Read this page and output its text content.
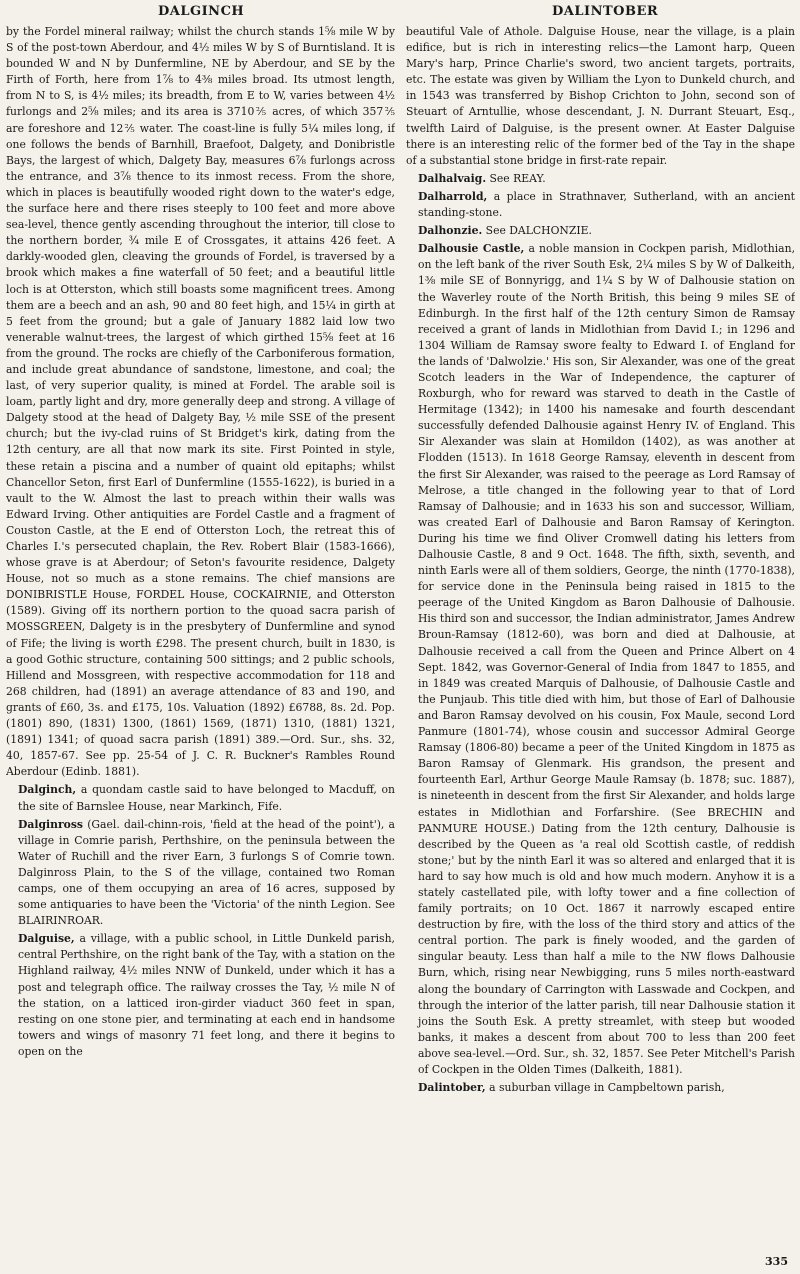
DALGINCH	DALINTOBER

by the Fordel mineral railway; whilst the church stands 1⅝ mile W by S of the post-town Aberdour, and 4½ miles W by S of Burntisland. It is bounded W and N by Dunfermline, NE by Aberdour, and SE by the Firth of Forth, here from 1⅞ to 4⅜ miles broad. Its utmost length, from N to S, is 4½ miles; its breadth, from E to W, varies between 4½ furlongs and 2⅝ miles; and its area is 3710⅖ acres, of which 357⅖ are foreshore and 12⅖ water. The coast-line is fully 5¼ miles long, if one follows the bends of Barnhill, Braefoot, Dalgety, and Donibristle Bays, the largest of which, Dalgety Bay, measures 6⅞ furlongs across the entrance, and 3⅞ thence to its inmost recess. From the shore, which in places is beautifully wooded right down to the water's edge, the surface here and there rises steeply to 100 feet and more above sea-level, thence gently ascending throughout the interior, till close to the northern border, ¾ mile E of Crossgates, it attains 426 feet. A darkly-wooded glen, cleaving the grounds of Fordel, is traversed by a brook which makes a fine waterfall of 50 feet; and a beautiful little loch is at Otterston, which still boasts some magnificent trees. Among them are a beech and an ash, 90 and 80 feet high, and 15¼ in girth at 5 feet from the ground; but a gale of January 1882 laid low two venerable walnut-trees, the largest of which girthed 15⅝ feet at 16 from the ground. The rocks are chiefly of the Carboniferous formation, and include great abundance of sandstone, limestone, and coal; the last, of very superior quality, is mined at Fordel. The arable soil is loam, partly light and dry, more generally deep and strong. A village of Dalgety stood at the head of Dalgety Bay, ½ mile SSE of the present church; but the ivy-clad ruins of St Bridget's kirk, dating from the 12th century, are all that now mark its site. First Pointed in style, these retain a piscina and a number of quaint old epitaphs; whilst Chancellor Seton, first Earl of Dunfermline (1555-1622), is buried in a vault to the W. Almost the last to preach within their walls was Edward Irving. Other antiquities are Fordel Castle and a fragment of Couston Castle, at the E end of Otterston Loch, the retreat this of Charles I.'s persecuted chaplain, the Rev. Robert Blair (1583-1666), whose grave is at Aberdour; of Seton's favourite residence, Dalgety House, not so much as a stone remains. The chief mansions are DONIBRISTLE House, FORDEL House, COCKAIRNIE, and Otterston (1589). Giving off its northern portion to the quoad sacra parish of MOSSGREEN, Dalgety is in the presbytery of Dunfermline and synod of Fife; the living is worth £298. The present church, built in 1830, is a good Gothic structure, containing 500 sittings; and 2 public schools, Hillend and Mossgreen, with respective accommodation for 118 and 268 children, had (1891) an average attendance of 83 and 190, and grants of £60, 3s. and £175, 10s. Valuation (1892) £6788, 8s. 2d. Pop. (1801) 890, (1831) 1300, (1861) 1569, (1871) 1310, (1881) 1321, (1891) 1341; of quoad sacra parish (1891) 389.—Ord. Sur., shs. 32, 40, 1857-67. See pp. 25-54 of J. C. R. Buckner's Rambles Round Aberdour (Edinb. 1881).

Dalginch, a quondam castle said to have belonged to Macduff, on the site of Barnslee House, near Markinch, Fife.

Dalginross (Gael. dail-chinn-rois, 'field at the head of the point'), a village in Comrie parish, Perthshire, on the peninsula between the Water of Ruchill and the river Earn, 3 furlongs S of Comrie town. Dalginross Plain, to the S of the village, contained two Roman camps, one of them occupying an area of 16 acres, supposed by some antiquaries to have been the 'Victoria' of the ninth Legion. See BLAIRINROAR.

Dalguise, a village, with a public school, in Little Dunkeld parish, central Perthshire, on the right bank of the Tay, with a station on the Highland railway, 4½ miles NNW of Dunkeld, under which it has a post and telegraph office. The railway crosses the Tay, ½ mile N of the station, on a latticed iron-girder viaduct 360 feet in span, resting on one stone pier, and terminating at each end in handsome towers and wings of masonry 71 feet long, and there it begins to open on the

beautiful Vale of Athole. Dalguise House, near the village, is a plain edifice, but is rich in interesting relics—the Lamont harp, Queen Mary's harp, Prince Charlie's sword, two ancient targets, portraits, etc. The estate was given by William the Lyon to Dunkeld church, and in 1543 was transferred by Bishop Crichton to John, second son of Steuart of Arntullie, whose descendant, J. N. Durrant Steuart, Esq., twelfth Laird of Dalguise, is the present owner. At Easter Dalguise there is an interesting relic of the former bed of the Tay in the shape of a substantial stone bridge in first-rate repair.

Dalhalvaig. See REAY.

Dalharrold, a place in Strathnaver, Sutherland, with an ancient standing-stone.

Dalhonzie. See DALCHONZIE.

Dalhousie Castle, a noble mansion in Cockpen parish, Midlothian, on the left bank of the river South Esk, 2¼ miles S by W of Dalkeith, 1⅜ mile SE of Bonnyrigg, and 1¼ S by W of Dalhousie station on the Waverley route of the North British, this being 9 miles SE of Edinburgh. In the first half of the 12th century Simon de Ramsay received a grant of lands in Midlothian from David I.; in 1296 and 1304 William de Ramsay swore fealty to Edward I. of England for the lands of 'Dalwolzie.' His son, Sir Alexander, was one of the great Scotch leaders in the War of Independence, the capturer of Roxburgh, who for reward was starved to death in the Castle of Hermitage (1342); in 1400 his namesake and fourth descendant successfully defended Dalhousie against Henry IV. of England. This Sir Alexander was slain at Homildon (1402), as was another at Flodden (1513). In 1618 George Ramsay, eleventh in descent from the first Sir Alexander, was raised to the peerage as Lord Ramsay of Melrose, a title changed in the following year to that of Lord Ramsay of Dalhousie; and in 1633 his son and successor, William, was created Earl of Dalhousie and Baron Ramsay of Kerington. During his time we find Oliver Cromwell dating his letters from Dalhousie Castle, 8 and 9 Oct. 1648. The fifth, sixth, seventh, and ninth Earls were all of them soldiers, George, the ninth (1770-1838), for service done in the Peninsula being raised in 1815 to the peerage of the United Kingdom as Baron Dalhousie of Dalhousie. His third son and successor, the Indian administrator, James Andrew Broun-Ramsay (1812-60), was born and died at Dalhousie, at Dalhousie received a call from the Queen and Prince Albert on 4 Sept. 1842, was Governor-General of India from 1847 to 1855, and in 1849 was created Marquis of Dalhousie, of Dalhousie Castle and the Punjaub. This title died with him, but those of Earl of Dalhousie and Baron Ramsay devolved on his cousin, Fox Maule, second Lord Panmure (1801-74), whose cousin and successor Admiral George Ramsay (1806-80) became a peer of the United Kingdom in 1875 as Baron Ramsay of Glenmark. His grandson, the present and fourteenth Earl, Arthur George Maule Ramsay (b. 1878; suc. 1887), is nineteenth in descent from the first Sir Alexander, and holds large estates in Midlothian and Forfarshire. (See BRECHIN and PANMURE HOUSE.) Dating from the 12th century, Dalhousie is described by the Queen as 'a real old Scottish castle, of reddish stone;' but by the ninth Earl it was so altered and enlarged that it is hard to say how much is old and how much modern. Anyhow it is a stately castellated pile, with lofty tower and a fine collection of family portraits; on 10 Oct. 1867 it narrowly escaped entire destruction by fire, with the loss of the third story and attics of the central portion. The park is finely wooded, and the garden of singular beauty. Less than half a mile to the NW flows Dalhousie Burn, which, rising near Newbigging, runs 5 miles north-eastward along the boundary of Carrington with Lasswade and Cockpen, and through the interior of the latter parish, till near Dalhousie station it joins the South Esk. A pretty streamlet, with steep but wooded banks, it makes a descent from about 700 to less than 200 feet above sea-level.—Ord. Sur., sh. 32, 1857. See Peter Mitchell's Parish of Cockpen in the Olden Times (Dalkeith, 1881).

Dalintober, a suburban village in Campbeltown parish,

335
